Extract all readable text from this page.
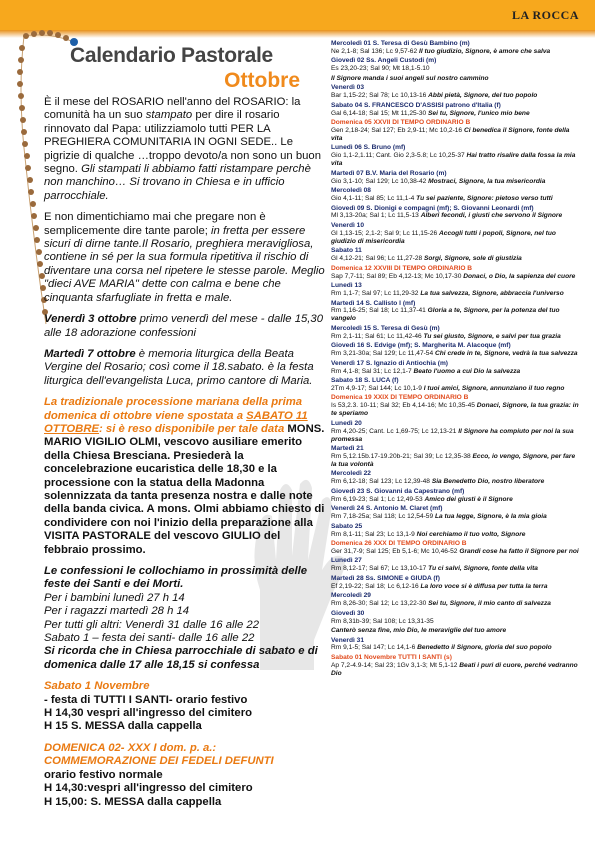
LA ROCCA
Calendario Pastorale
Ottobre

È il mese del ROSARIO nell'anno del ROSARIO: la comunità ha un suo stampato per dire il rosario rinnovato dal Papa: utilizziamolo tutti PER LA PREGHIERA COMUNITARIA IN OGNI SEDE.. Le pigrizie di qualche …troppo devoto/a non sono un buon segno. Gli stampati li abbiamo fatti ristampare perchè non manchino… Si trovano in Chiesa e in ufficio parrocchiale.

E non dimentichiamo mai che pregare non è semplicemente dire tante parole; in fretta per essere sicuri di dirne tante.Il Rosario, preghiera meravigliosa, contiene in sé per la sua formula ripetitiva il rischio di diventare una corsa nel ripetere le stesse parole. Meglio "dieci AVE MARIA" dette con calma e bene che cinquanta sfarfugliate in fretta e male.

Venerdì 3 ottobre primo venerdì del mese - dalle 15,30 alle 18 adorazione confessioni

Martedì 7 ottobre è memoria liturgica della Beata Vergine del Rosario; così come il 18.sabato. è la festa liturgica dell'evangelista Luca, primo cantore di Maria.

La tradizionale processione mariana della prima domenica di ottobre viene spostata a SABATO 11 OTTOBRE: si è reso disponibile per tale data MONS. MARIO VIGILIO OLMI, vescovo ausiliare emerito della Chiesa Bresciana. Presiederà la concelebrazione eucaristica delle 18,30 e la processione con la statua della Madonna solennizzata da tanta presenza nostra e dalle note della banda civica. A mons. Olmi abbiamo chiesto di condividere con noi l'inizio della preparazione alla VISITA PASTORALE del vescovo GIULIO del febbraio prossimo.

Le confessioni le collochiamo in prossimità delle feste dei Santi e dei Morti.

Per i bambini lunedì 27 h 14

Per i ragazzi martedì 28 h 14

Per tutti gli altri: Venerdì 31 dalle 16 alle 22

Sabato 1 – festa dei santi- dalle 16 alle 22

Si ricorda che in Chiesa parrocchiale di sabato e di domenica dalle 17 alle 18,15 si confessa

Sabato 1 Novembre

- festa di TUTTI I SANTI- orario festivo

H 14,30 vespri all'ingresso del cimitero

H 15 S. MESSA dalla cappella

DOMENICA 02- XXX I dom. p. a.:

COMMEMORAZIONE DEI FEDELI DEFUNTI

orario festivo normale

H 14,30:vespri all'ingresso del cimitero

H 15,00: S. MESSA dalla cappella

Mercoledì 01 S. Teresa di Gesù Bambino (m)
Ne 2,1-8; Sal 136; Lc 9,57-62 Il tuo giudizio, Signore, è amore che salva
Giovedì 02 Ss. Angeli Custodi (m)
Es 23,20-23; Sal 90; Mt 18,1-5.10
Il Signore manda i suoi angeli sul nostro cammino
Venerdì 03
Bar 1,15-22; Sal 78; Lc 10,13-16 Abbi pietà, Signore, del tuo popolo
Sabato 04 S. FRANCESCO D'ASSISI patrono d'Italia (f)
Gal 6,14-18; Sal 15; Mt 11,25-30 Sei tu, Signore, l'unico mio bene
Domenica 05 XXVII DI TEMPO ORDINARIO B
Gen 2,18-24; Sal 127; Eb 2,9-11; Mc 10,2-16 Ci benedica il Signore, fonte della vita
Lunedì 06 S. Bruno (mf)
Gio 1,1-2,1.11; Cant. Gio 2,3-5.8; Lc 10,25-37 Hai tratto risalire dalla fossa la mia vita
Martedì 07 B.V. Maria del Rosario (m)
Gio 3,1-10; Sal 129; Lc 10,38-42 Mostraci, Signore, la tua misericordia
Mercoledì 08
Gio 4,1-11; Sal 85; Lc 11,1-4 Tu sei paziente, Signore: pietoso verso tutti
Giovedì 09 S. Dionigi e compagni (mf); S. Giovanni Leonardi (mf)
Ml 3,13-20a; Sal 1; Lc 11,5-13 Alberi fecondi, i giusti che servono il Signore
Venerdì 10
Gl 1,13-15; 2,1-2; Sal 9; Lc 11,15-26 Accogli tutti i popoli, Signore, nel tuo giudizio di misericordia
Sabato 11
Gl 4,12-21; Sal 96; Lc 11,27-28 Sorgi, Signore, sole di giustizia
Domenica 12 XXVIII DI TEMPO ORDINARIO B
Sap 7,7-11; Sal 89; Eb 4,12-13; Mc 10,17-30 Donaci, o Dio, la sapienza del cuore
Lunedì 13
Rm 1,1-7; Sal 97; Lc 11,29-32 La tua salvezza, Signore, abbraccia l'universo
Martedì 14 S. Callisto I (mf)
Rm 1,16-25; Sal 18; Lc 11,37-41 Gloria a te, Signore, per la potenza del tuo vangelo
Mercoledì 15 S. Teresa di Gesù (m)
Rm 2,1-11; Sal 61; Lc 11,42-46 Tu sei giusto, Signore, e salvi per tua grazia
Giovedì 16 S. Edvige (mf); S. Margherita M. Alacoque (mf)
Rm 3,21-30a; Sal 129; Lc 11,47-54 Chi crede in te, Signore, vedrà la tua salvezza
Venerdì 17 S. Ignazio di Antiochia (m)
Rm 4,1-8; Sal 31; Lc 12,1-7 Beato l'uomo a cui Dio la salvezza
Sabato 18 S. LUCA (f)
2Tm 4,9-17; Sal 144; Lc 10,1-9 I tuoi amici, Signore, annunziano il tuo regno
Domenica 19 XXIX DI TEMPO ORDINARIO B
Is 53,2.3. 10-11; Sal 32; Eb 4,14-16; Mc 10,35-45 Donaci, Signore, la tua grazia: in te speriamo
Lunedì 20
Rm 4,20-25; Cant. Lc 1,69-75; Lc 12,13-21 Il Signore ha compiuto per noi la sua promessa
Martedì 21
Rm 5,12.15b.17-19.20b-21; Sal 39; Lc 12,35-38 Ecco, io vengo, Signore, per fare la tua volontà
Mercoledì 22
Rm 6,12-18; Sal 123; Lc 12,39-48 Sia Benedetto Dio, nostro liberatore
Giovedì 23 S. Giovanni da Capestrano (mf)
Rm 6,19-23; Sal 1; Lc 12,49-53 Amico dei giusti è il Signore
Venerdì 24 S. Antonio M. Claret (mf)
Rm 7,18-25a; Sal 118; Lc 12,54-59 La tua legge, Signore, è la mia gioia
Sabato 25
Rm 8,1-11; Sal 23; Lc 13,1-9 Noi cerchiamo il tuo volto, Signore
Domenica 26 XXX DI TEMPO ORDINARIO B
Ger 31,7-9; Sal 125; Eb 5,1-6; Mc 10,46-52 Grandi cose ha fatto il Signore per noi
Lunedì 27
Rm 8,12-17; Sal 67; Lc 13,10-17 Tu ci salvi, Signore, fonte della vita
Martedì 28 Ss. SIMONE e GIUDA (f)
Ef 2,19-22; Sal 18; Lc 6,12-16 La loro voce si è diffusa per tutta la terra
Mercoledì 29
Rm 8,26-30; Sal 12; Lc 13,22-30 Sei tu, Signore, il mio canto di salvezza
Giovedì 30
Rm 8,31b-39; Sal 108; Lc 13,31-35
Canterò senza fine, mio Dio, le meraviglie del tuo amore
Venerdì 31
Rm 9,1-5; Sal 147; Lc 14,1-6 Benedetto il Signore, gloria del suo popolo
Sabato 01 Novembre TUTTI I SANTI (s)
Ap 7,2-4.9-14; Sal 23; 1Gv 3,1-3; Mt 5,1-12 Beati i puri di cuore, perché vedranno Dio
